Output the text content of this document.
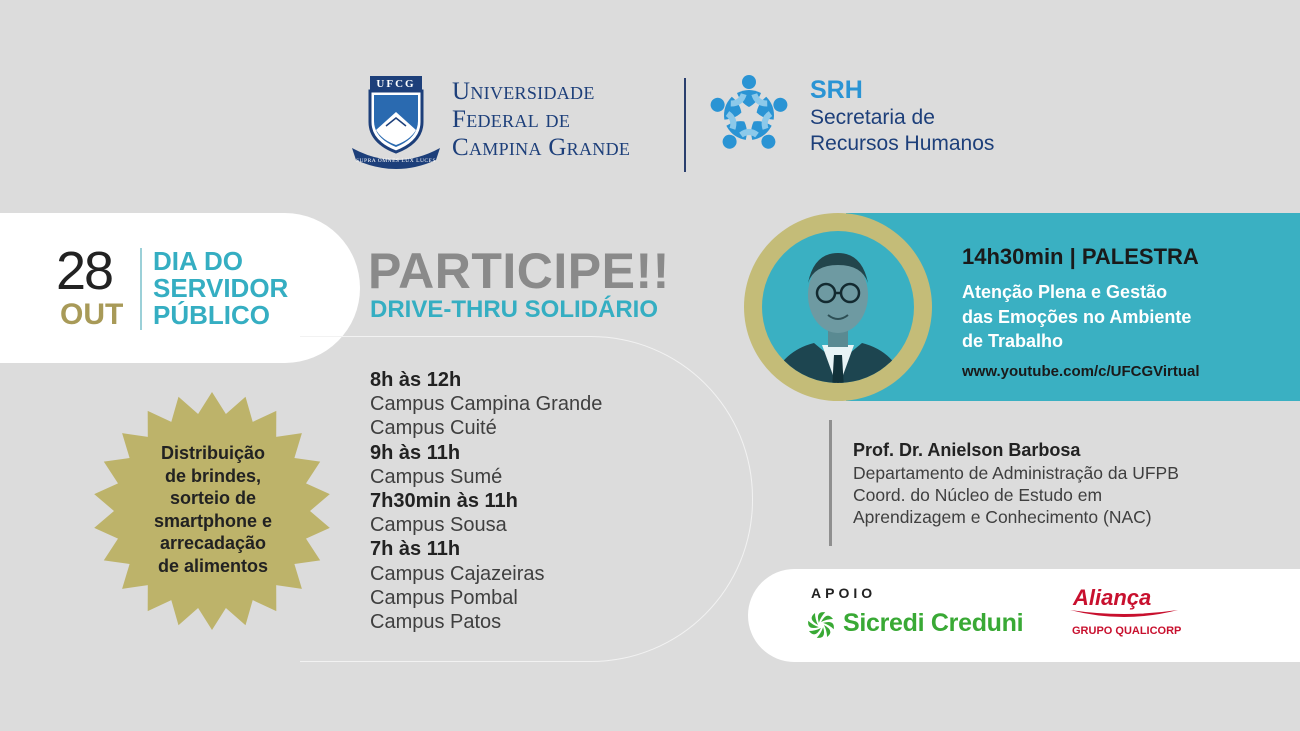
UFCG
SUPRA OMNES LUX LUCES
Universidade
Federal de
Campina Grande
SRH
Secretaria de
Recursos Humanos
28
OUT
DIA DO
SERVIDOR
PÚBLICO
PARTICIPE!!
DRIVE-THRU SOLIDÁRIO
8h às 12h
Campus Campina Grande
Campus Cuité
9h às 11h
Campus Sumé
7h30min às 11h
Campus Sousa
7h às 11h
Campus Cajazeiras
Campus Pombal
Campus Patos
Distribuição
de brindes,
sorteio de
smartphone e
arrecadação
de alimentos
14h30min | PALESTRA
Atenção Plena e Gestão
das Emoções no Ambiente
de Trabalho
www.youtube.com/c/UFCGVirtual
Prof. Dr. Anielson Barbosa
Departamento de Administração da UFPB
Coord. do Núcleo de Estudo em
Aprendizagem e Conhecimento (NAC)
APOIO
Sicredi Creduni
Aliança
GRUPO QUALICORP
